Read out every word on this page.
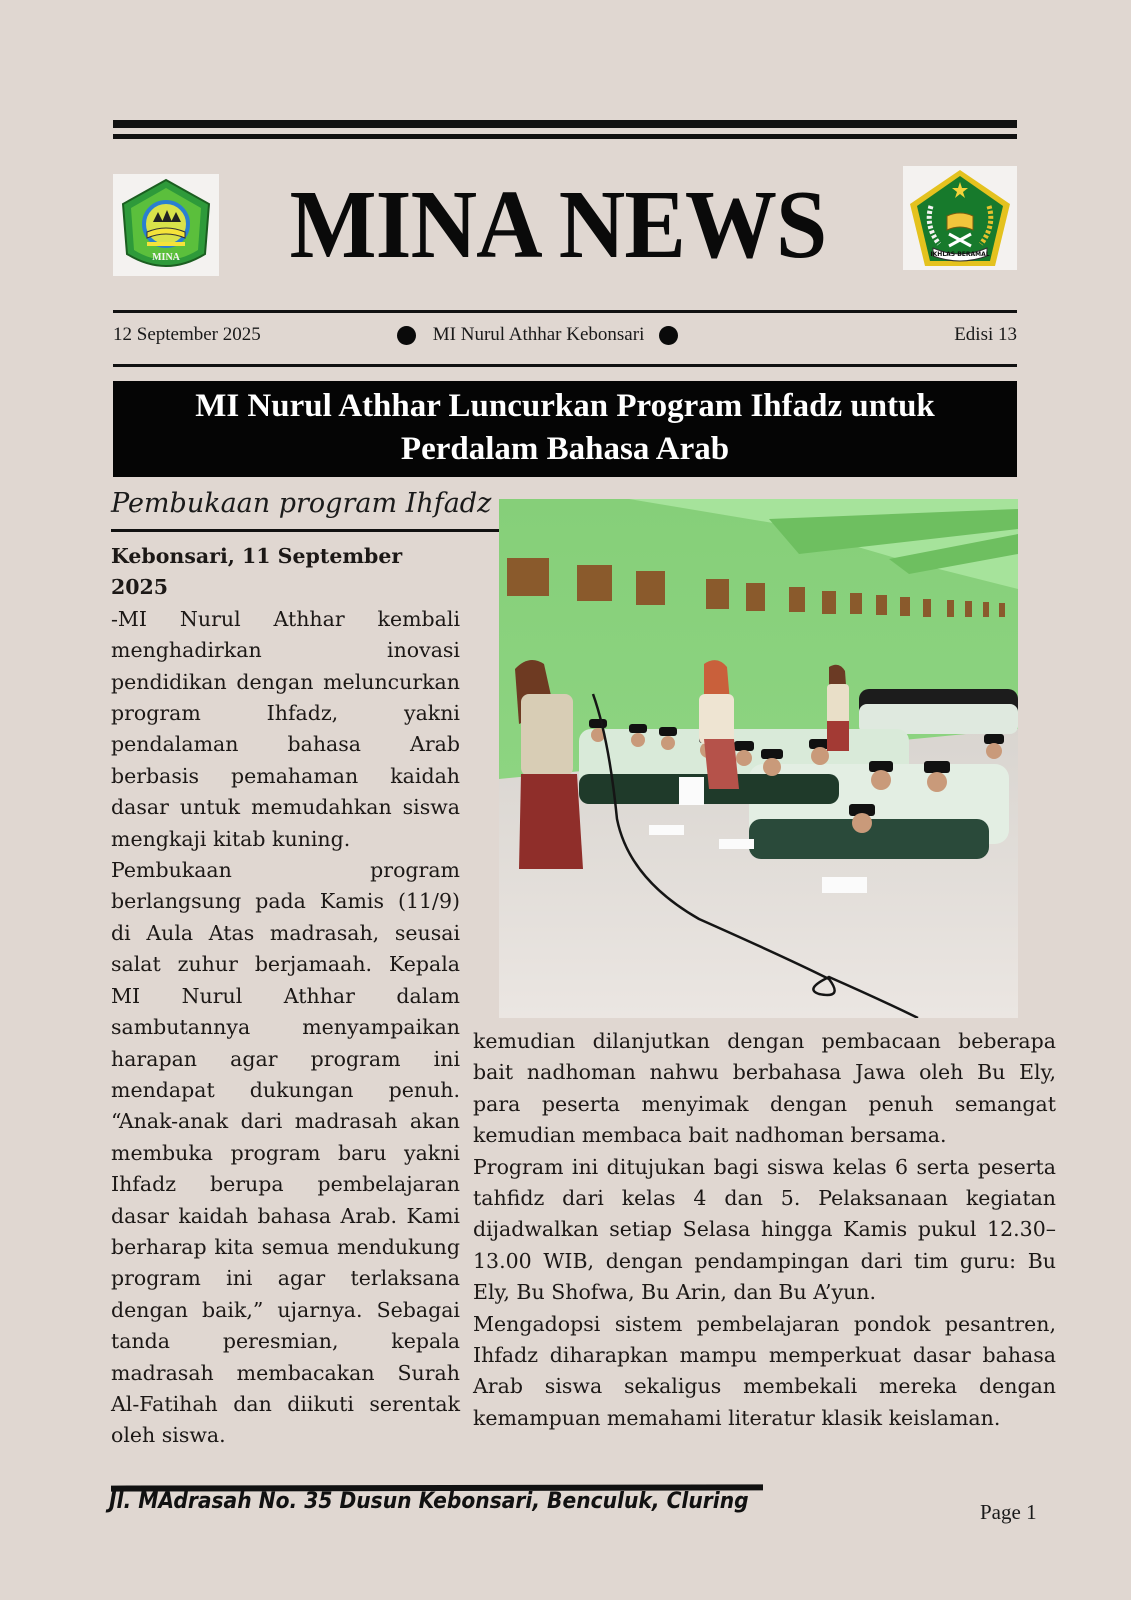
MINA	MINA NEWS	IKHLAS BERAMAL
12 September 2025	MI Nurul Athhar Kebonsari	Edisi 13
MI Nurul Athhar Luncurkan Program Ihfadz untuk
Perdalam Bahasa Arab
Pembukaan program Ihfadz
Kebonsari, 11 September 2025

-MI Nurul Athhar kembali menghadirkan inovasi pendidikan dengan meluncurkan program Ihfadz, yakni pendalaman bahasa Arab berbasis pemahaman kaidah dasar untuk memudahkan siswa mengkaji kitab kuning.

Pembukaan program berlangsung pada Kamis (11/9) di Aula Atas madrasah, seusai salat zuhur berjamaah. Kepala MI Nurul Athhar dalam sambutannya menyampaikan harapan agar program ini mendapat dukungan penuh. “Anak-anak dari madrasah akan membuka program baru yakni Ihfadz berupa pembelajaran dasar kaidah bahasa Arab. Kami berharap kita semua mendukung program ini agar terlaksana dengan baik,” ujarnya. Sebagai tanda peresmian, kepala madrasah membacakan Surah Al-Fatihah dan diikuti serentak oleh siswa.

kemudian dilanjutkan dengan pembacaan beberapa bait nadhoman nahwu berbahasa Jawa oleh Bu Ely, para peserta menyimak dengan penuh semangat kemudian membaca bait nadhoman bersama.

Program ini ditujukan bagi siswa kelas 6 serta peserta tahfidz dari kelas 4 dan 5. Pelaksanaan kegiatan dijadwalkan setiap Selasa hingga Kamis pukul 12.30–13.00 WIB, dengan pendampingan dari tim guru: Bu Ely, Bu Shofwa, Bu Arin, dan Bu A’yun.

Mengadopsi sistem pembelajaran pondok pesantren, Ihfadz diharapkan mampu memperkuat dasar bahasa Arab siswa sekaligus membekali mereka dengan kemampuan memahami literatur klasik keislaman.

Jl. MAdrasah No. 35 Dusun Kebonsari, Benculuk, Cluring	Page 1
